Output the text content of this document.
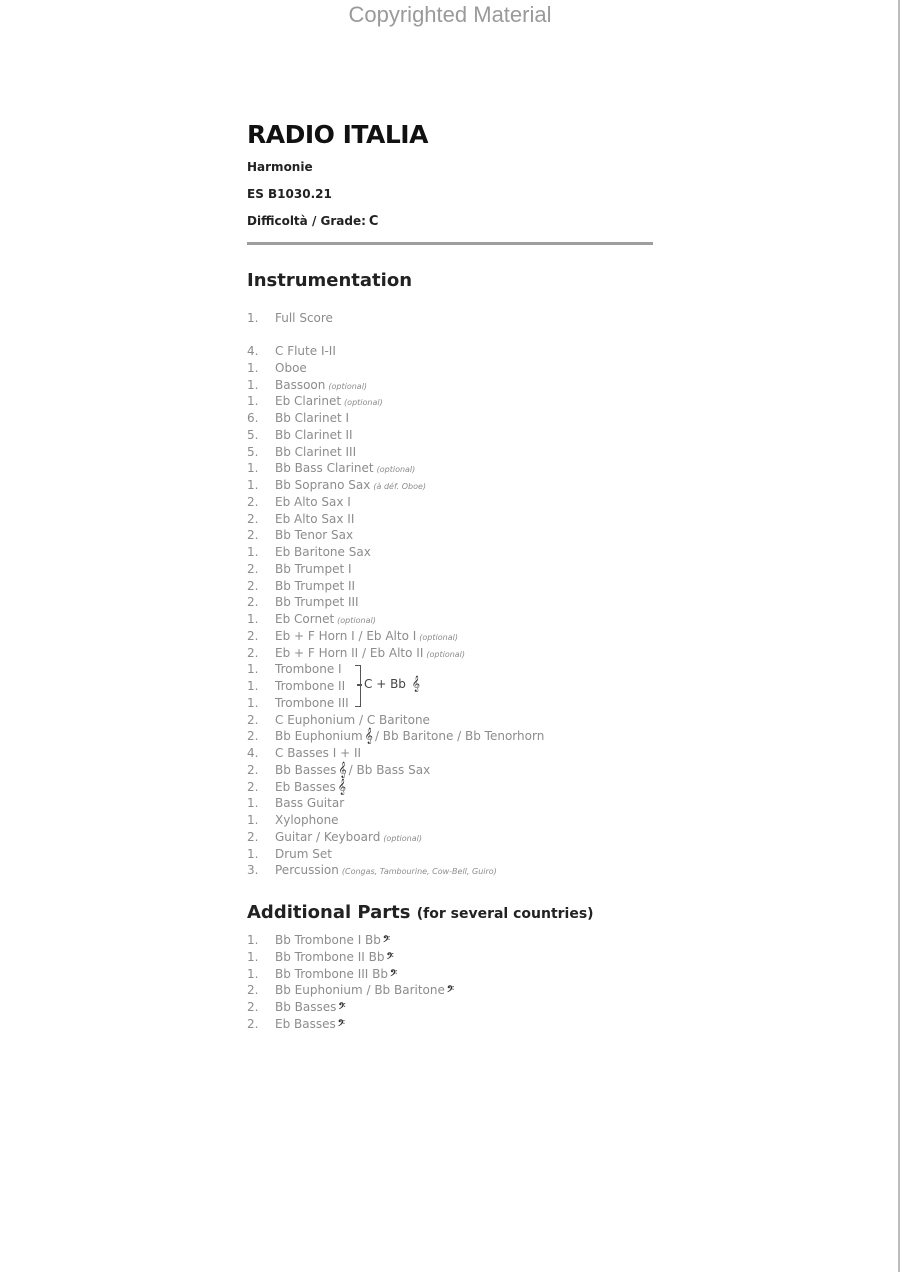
Copyrighted Material
RADIO ITALIA
Harmonie
ES B1030.21
Difficoltà / Grade: C
Instrumentation
1.	Full Score
4.	C Flute I-II
1.	Oboe
1.	Bassoon (optional)
1.	Eb Clarinet (optional)
6.	Bb Clarinet I
5.	Bb Clarinet II
5.	Bb Clarinet III
1.	Bb Bass Clarinet (optional)
1.	Bb Soprano Sax (à déf. Oboe)
2.	Eb Alto Sax I
2.	Eb Alto Sax II
2.	Bb Tenor Sax
1.	Eb Baritone Sax
2.	Bb Trumpet I
2.	Bb Trumpet II
2.	Bb Trumpet III
1.	Eb Cornet (optional)
2.	Eb + F Horn I / Eb Alto I (optional)
2.	Eb + F Horn II / Eb Alto II (optional)
1.	Trombone I
1.	Trombone II
1.	Trombone III
2.	C Euphonium / C Baritone
2.	Bb Euphonium 𝄞 / Bb Baritone / Bb Tenorhorn
4.	C Basses I + II
2.	Bb Basses 𝄞 / Bb Bass Sax
2.	Eb Basses 𝄞
1.	Bass Guitar
1.	Xylophone
2.	Guitar / Keyboard (optional)
1.	Drum Set
3.	Percussion (Congas, Tambourine, Cow-Bell, Guiro)
C + Bb 𝄞
Additional Parts (for several countries)
1.	Bb Trombone I Bb 𝄢
1.	Bb Trombone II Bb 𝄢
1.	Bb Trombone III Bb 𝄢
2.	Bb Euphonium / Bb Baritone 𝄢
2.	Bb Basses 𝄢
2.	Eb Basses 𝄢
